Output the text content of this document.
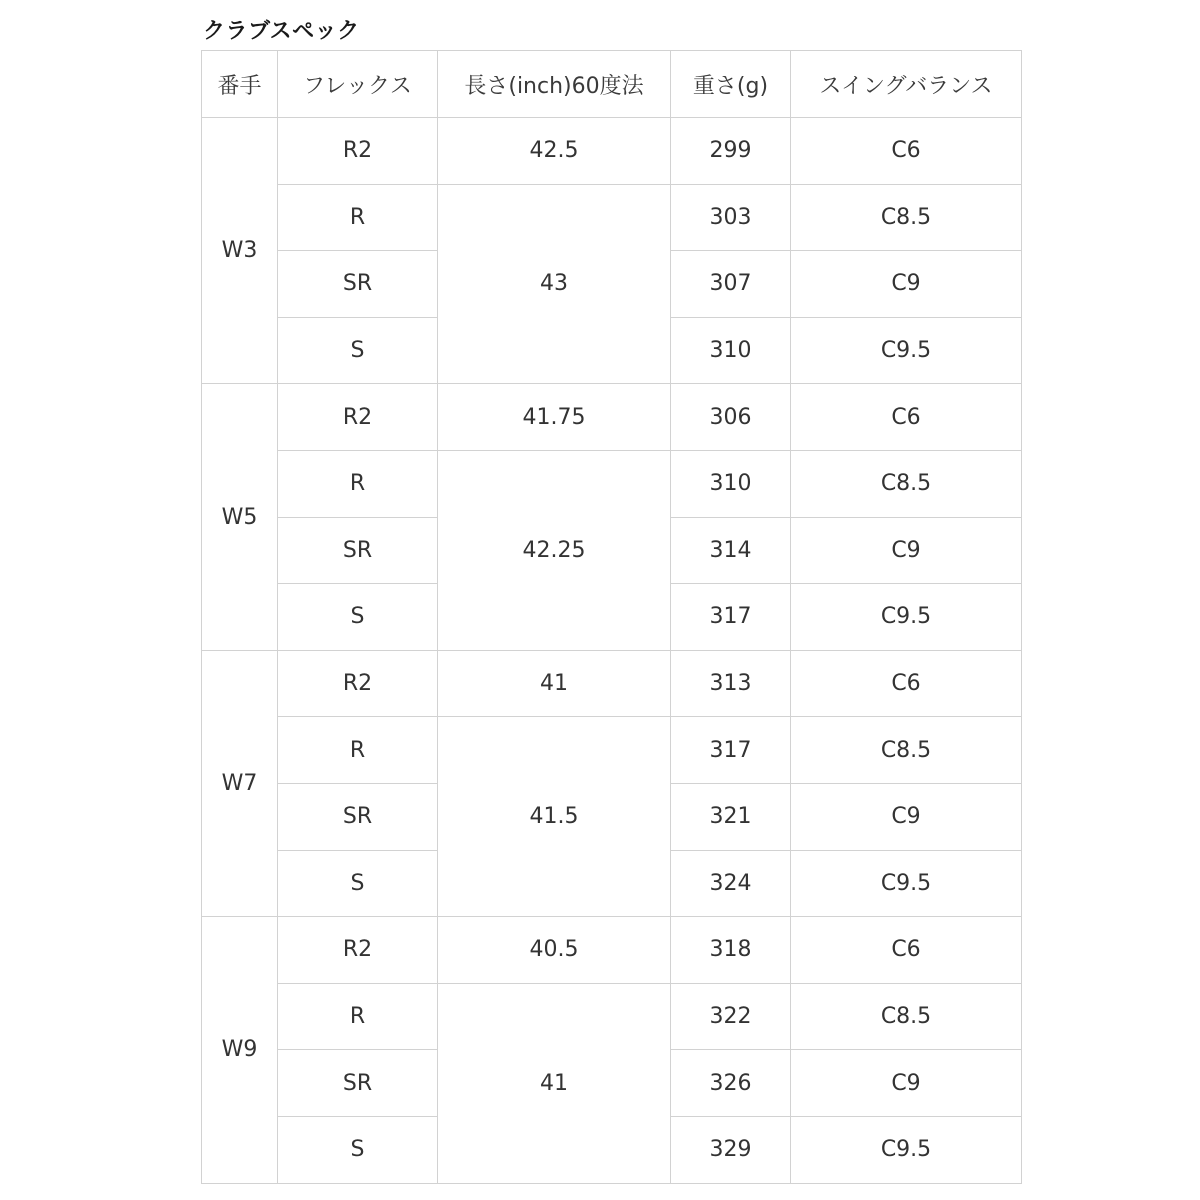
クラブスペック
番手	フレックス	長さ(inch)60度法	重さ(g)	スイングバランス
W3	R2	42.5	299	C6
	R	43	303	C8.5
	SR		307	C9
	S		310	C9.5
W5	R2	41.75	306	C6
	R	42.25	310	C8.5
	SR		314	C9
	S		317	C9.5
W7	R2	41	313	C6
	R	41.5	317	C8.5
	SR		321	C9
	S		324	C9.5
W9	R2	40.5	318	C6
	R	41	322	C8.5
	SR		326	C9
	S		329	C9.5
